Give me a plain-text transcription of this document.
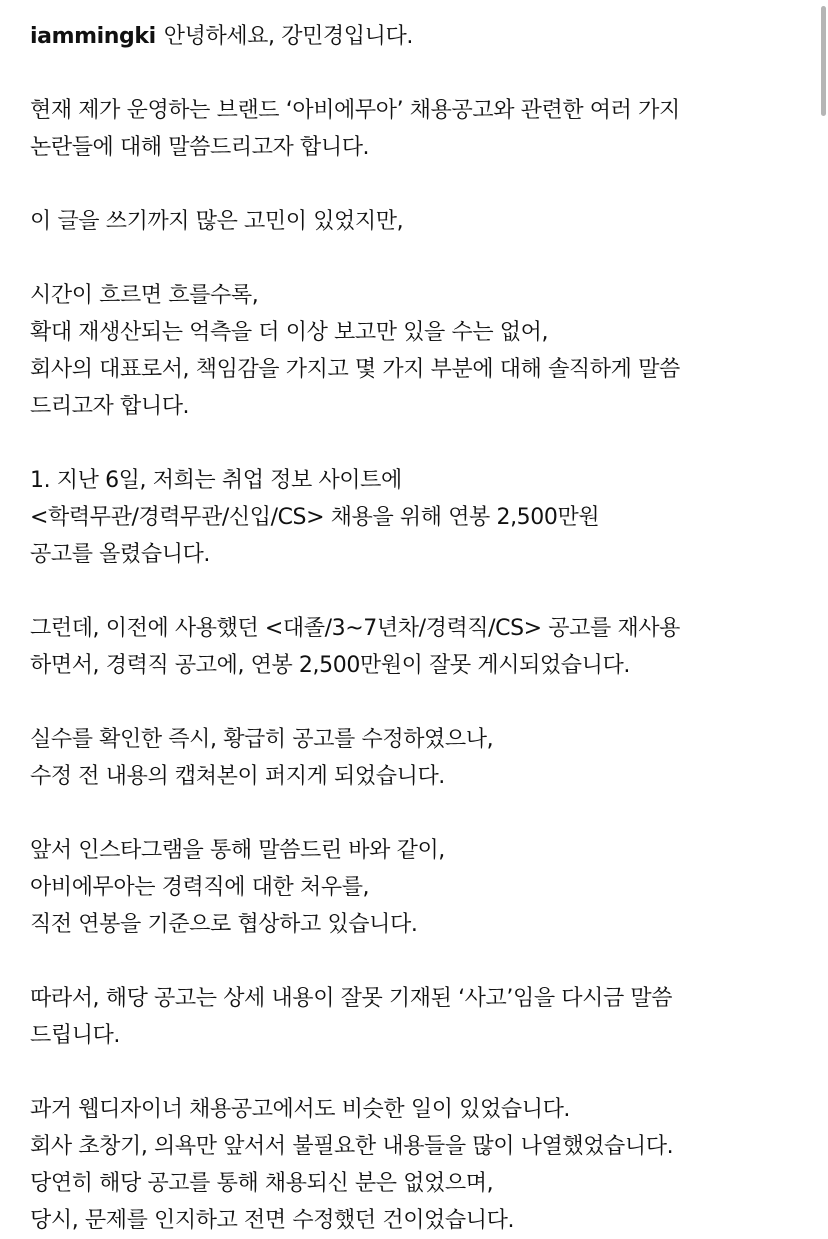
iammingki 안녕하세요, 강민경입니다.
현재 제가 운영하는 브랜드 ‘아비에무아’ 채용공고와 관련한 여러 가지
논란들에 대해 말씀드리고자 합니다.
이 글을 쓰기까지 많은 고민이 있었지만,
시간이 흐르면 흐를수록,
확대 재생산되는 억측을 더 이상 보고만 있을 수는 없어,
회사의 대표로서, 책임감을 가지고 몇 가지 부분에 대해 솔직하게 말씀
드리고자 합니다.
1. 지난 6일, 저희는 취업 정보 사이트에
<학력무관/경력무관/신입/CS> 채용을 위해 연봉 2,500만원
공고를 올렸습니다.
그런데, 이전에 사용했던 <대졸/3~7년차/경력직/CS> 공고를 재사용
하면서, 경력직 공고에, 연봉 2,500만원이 잘못 게시되었습니다.
실수를 확인한 즉시, 황급히 공고를 수정하였으나,
수정 전 내용의 캡쳐본이 퍼지게 되었습니다.
앞서 인스타그램을 통해 말씀드린 바와 같이,
아비에무아는 경력직에 대한 처우를,
직전 연봉을 기준으로 협상하고 있습니다.
따라서, 해당 공고는 상세 내용이 잘못 기재된 ‘사고’임을 다시금 말씀
드립니다.
과거 웹디자이너 채용공고에서도 비슷한 일이 있었습니다.
회사 초창기, 의욕만 앞서서 불필요한 내용들을 많이 나열했었습니다.
당연히 해당 공고를 통해 채용되신 분은 없었으며,
당시, 문제를 인지하고 전면 수정했던 건이었습니다.
